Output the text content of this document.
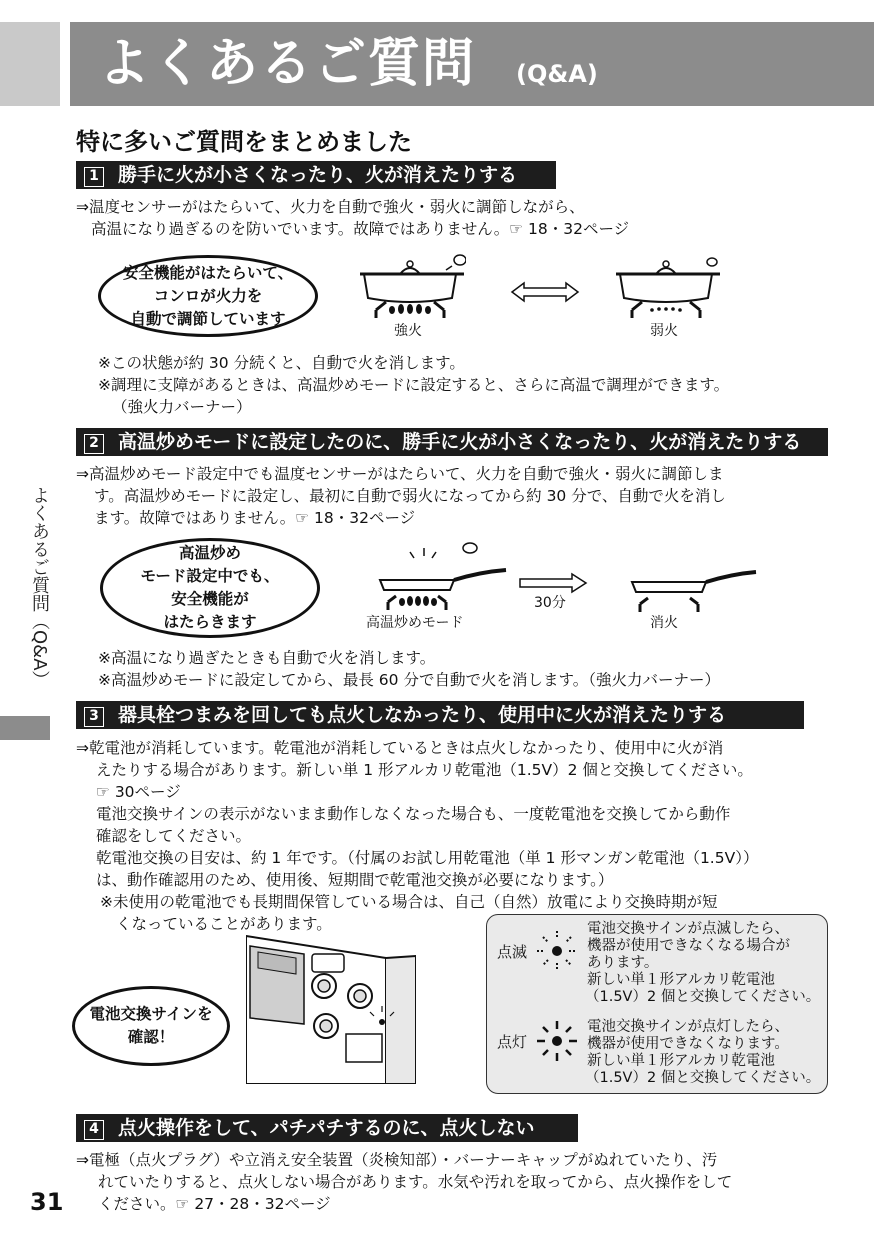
よくあるご質問 (Q&A)
特に多いご質問をまとめました
よくあるご質問（Q&A）
31
1 勝手に火が小さくなったり、火が消えたりする
⇒温度センサーがはたらいて、火力を自動で強火・弱火に調節しながら、
高温になり過ぎるのを防いでいます。故障ではありません。☞ 18・32ページ
安全機能がはたらいて、
コンロが火力を
自動で調節しています
強火	弱火
※この状態が約 30 分続くと、自動で火を消します。
※調理に支障があるときは、高温炒めモードに設定すると、さらに高温で調理ができます。
（強火力バーナー）
2 高温炒めモードに設定したのに、勝手に火が小さくなったり、火が消えたりする
⇒高温炒めモード設定中でも温度センサーがはたらいて、火力を自動で強火・弱火に調節しま
す。高温炒めモードに設定し、最初に自動で弱火になってから約 30 分で、自動で火を消し
ます。故障ではありません。☞ 18・32ページ
高温炒め
モード設定中でも、
安全機能が
はたらきます	高温炒めモード
30分
消火
※高温になり過ぎたときも自動で火を消します。
※高温炒めモードに設定してから、最長 60 分で自動で火を消します。（強火力バーナー）
3 器具栓つまみを回しても点火しなかったり、使用中に火が消えたりする
⇒乾電池が消耗しています。乾電池が消耗しているときは点火しなかったり、使用中に火が消
えたりする場合があります。新しい単 1 形アルカリ乾電池（1.5V）2 個と交換してください。
☞ 30ページ
電池交換サインの表示がないまま動作しなくなった場合も、一度乾電池を交換してから動作
確認をしてください。
乾電池交換の目安は、約 1 年です。（付属のお試し用乾電池（単 1 形マンガン乾電池（1.5V））
は、動作確認用のため、使用後、短期間で乾電池交換が必要になります。）
※未使用の乾電池でも長期間保管している場合は、自己（自然）放電により交換時期が短
くなっていることがあります。
電池交換サインを
確認！
点滅
電池交換サインが点滅したら、
機器が使用できなくなる場合が
あります。
新しい単１形アルカリ乾電池
（1.5V）2 個と交換してください。
点灯
電池交換サインが点灯したら、
機器が使用できなくなります。
新しい単１形アルカリ乾電池
（1.5V）2 個と交換してください。
4 点火操作をして、パチパチするのに、点火しない
⇒電極（点火プラグ）や立消え安全装置（炎検知部）・バーナーキャップがぬれていたり、汚
れていたりすると、点火しない場合があります。水気や汚れを取ってから、点火操作をして
ください。☞ 27・28・32ページ
